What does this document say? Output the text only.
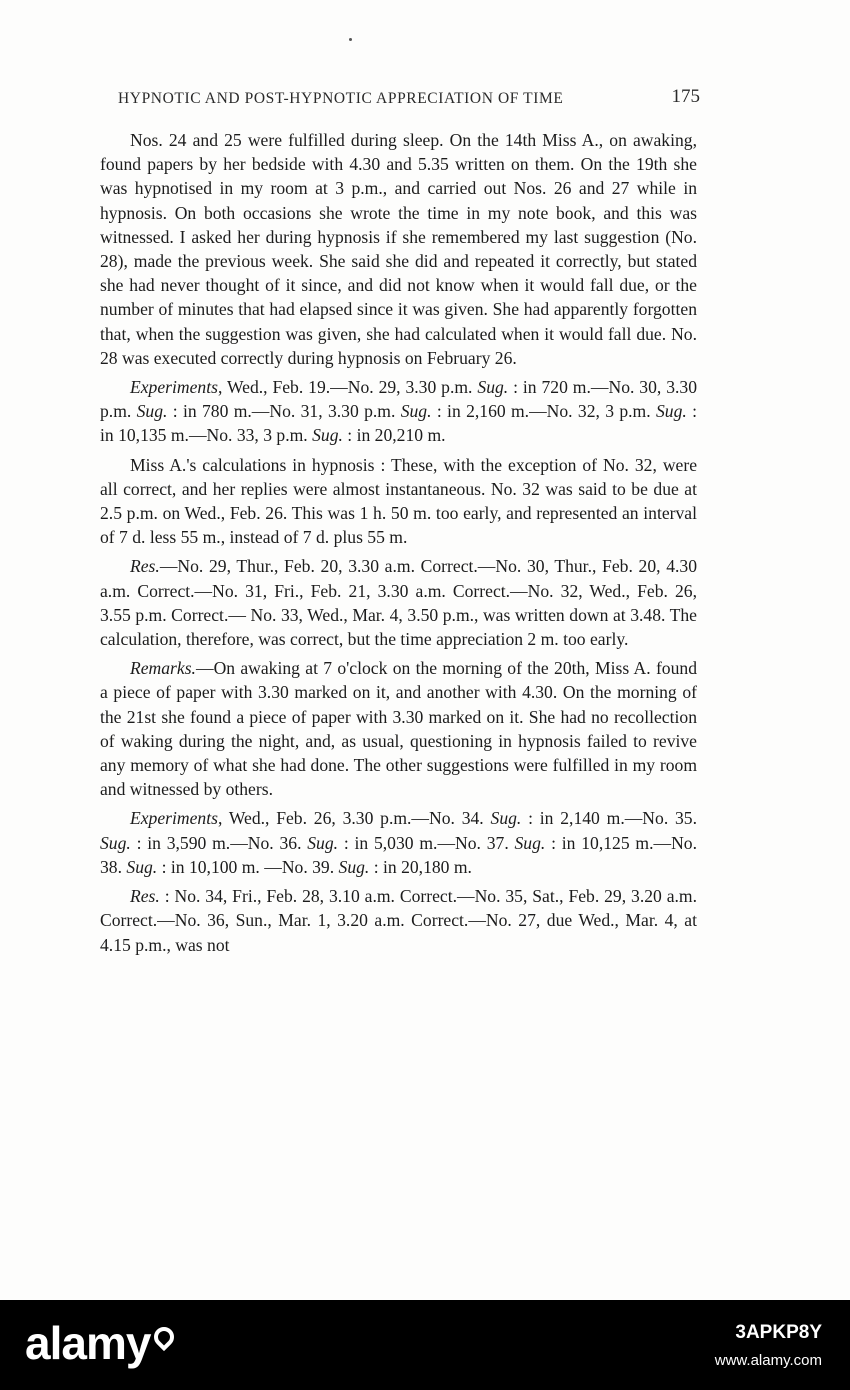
HYPNOTIC AND POST-HYPNOTIC APPRECIATION OF TIME	175

Nos. 24 and 25 were fulfilled during sleep. On the 14th Miss A., on awaking, found papers by her bedside with 4.30 and 5.35 written on them. On the 19th she was hypnotised in my room at 3 p.m., and carried out Nos. 26 and 27 while in hypnosis. On both occasions she wrote the time in my note book, and this was witnessed. I asked her during hypnosis if she remembered my last suggestion (No. 28), made the previous week. She said she did and repeated it correctly, but stated she had never thought of it since, and did not know when it would fall due, or the number of minutes that had elapsed since it was given. She had apparently forgotten that, when the suggestion was given, she had calculated when it would fall due. No. 28 was executed correctly during hypnosis on February 26.

Experiments, Wed., Feb. 19.—No. 29, 3.30 p.m. Sug. : in 720 m.—No. 30, 3.30 p.m. Sug. : in 780 m.—No. 31, 3.30 p.m. Sug. : in 2,160 m.—No. 32, 3 p.m. Sug. : in 10,135 m.—No. 33, 3 p.m. Sug. : in 20,210 m.

Miss A.'s calculations in hypnosis : These, with the exception of No. 32, were all correct, and her replies were almost instantaneous. No. 32 was said to be due at 2.5 p.m. on Wed., Feb. 26. This was 1 h. 50 m. too early, and represented an interval of 7 d. less 55 m., instead of 7 d. plus 55 m.

Res.—No. 29, Thur., Feb. 20, 3.30 a.m. Correct.—No. 30, Thur., Feb. 20, 4.30 a.m. Correct.—No. 31, Fri., Feb. 21, 3.30 a.m. Correct.—No. 32, Wed., Feb. 26, 3.55 p.m. Correct.— No. 33, Wed., Mar. 4, 3.50 p.m., was written down at 3.48. The calculation, therefore, was correct, but the time appreciation 2 m. too early.

Remarks.—On awaking at 7 o'clock on the morning of the 20th, Miss A. found a piece of paper with 3.30 marked on it, and another with 4.30. On the morning of the 21st she found a piece of paper with 3.30 marked on it. She had no recollection of waking during the night, and, as usual, questioning in hypnosis failed to revive any memory of what she had done. The other suggestions were fulfilled in my room and witnessed by others.

Experiments, Wed., Feb. 26, 3.30 p.m.—No. 34. Sug. : in 2,140 m.—No. 35. Sug. : in 3,590 m.—No. 36. Sug. : in 5,030 m.—No. 37. Sug. : in 10,125 m.—No. 38. Sug. : in 10,100 m. —No. 39. Sug. : in 20,180 m.

Res. : No. 34, Fri., Feb. 28, 3.10 a.m. Correct.—No. 35, Sat., Feb. 29, 3.20 a.m. Correct.—No. 36, Sun., Mar. 1, 3.20 a.m. Correct.—No. 27, due Wed., Mar. 4, at 4.15 p.m., was not

alamy	3APKP8Y
www.alamy.com
